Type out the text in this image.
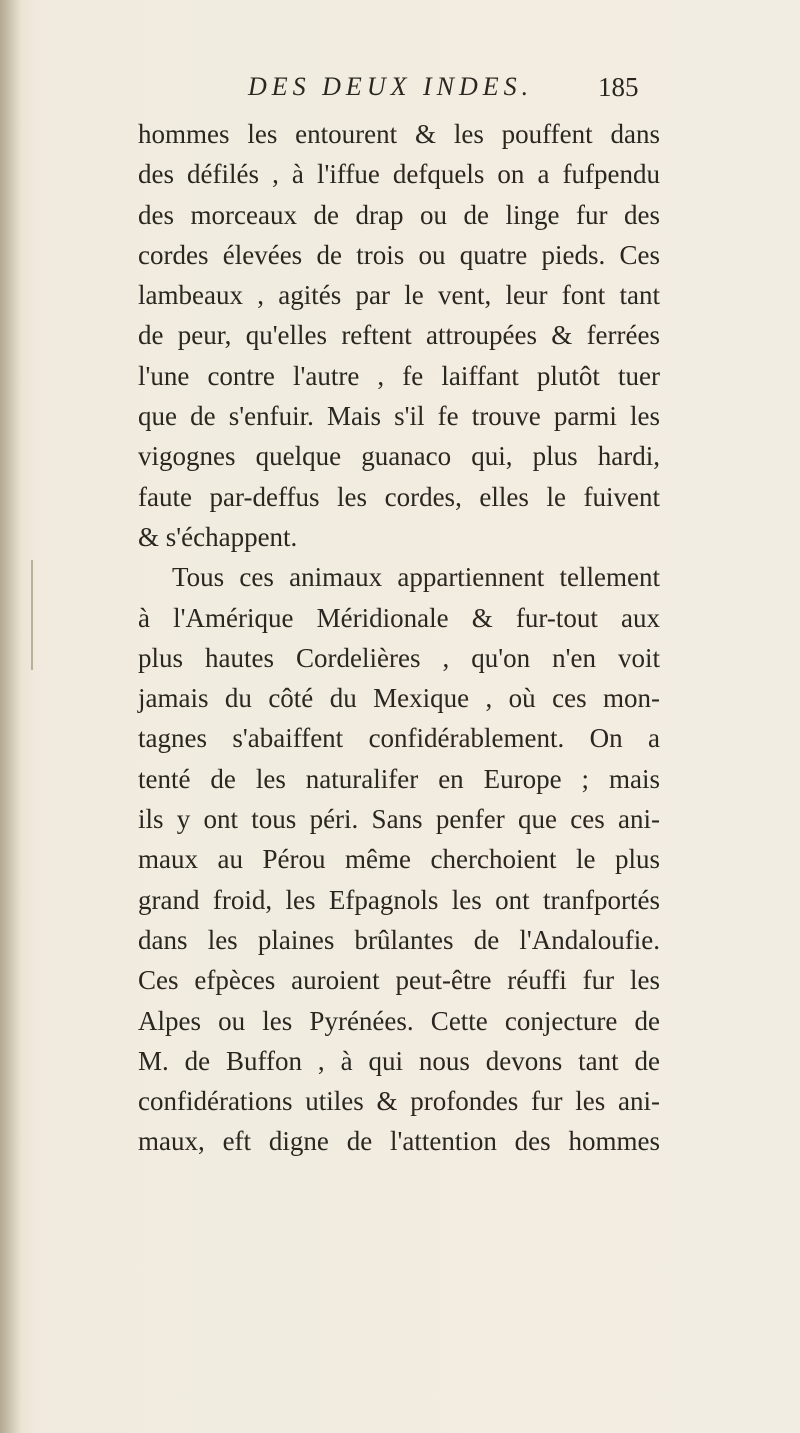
DES DEUX INDES. 185
hommes les entourent & les pouffent dans
des défilés , à l'iffue defquels on a fufpendu
des morceaux de drap ou de linge fur des
cordes élevées de trois ou quatre pieds. Ces
lambeaux , agités par le vent, leur font tant
de peur, qu'elles reftent attroupées & ferrées
l'une contre l'autre , fe laiffant plutôt tuer
que de s'enfuir. Mais s'il fe trouve parmi les
vigognes quelque guanaco qui, plus hardi,
faute par-deffus les cordes, elles le fuivent
& s'échappent.
Tous ces animaux appartiennent tellement
à l'Amérique Méridionale & fur-tout aux
plus hautes Cordelières , qu'on n'en voit
jamais du côté du Mexique , où ces mon-
tagnes s'abaiffent confidérablement. On a
tenté de les naturalifer en Europe ; mais
ils y ont tous péri. Sans penfer que ces ani-
maux au Pérou même cherchoient le plus
grand froid, les Efpagnols les ont tranfportés
dans les plaines brûlantes de l'Andaloufie.
Ces efpèces auroient peut-être réuffi fur les
Alpes ou les Pyrénées. Cette conjecture de
M. de Buffon , à qui nous devons tant de
confidérations utiles & profondes fur les ani-
maux, eft digne de l'attention des hommes
